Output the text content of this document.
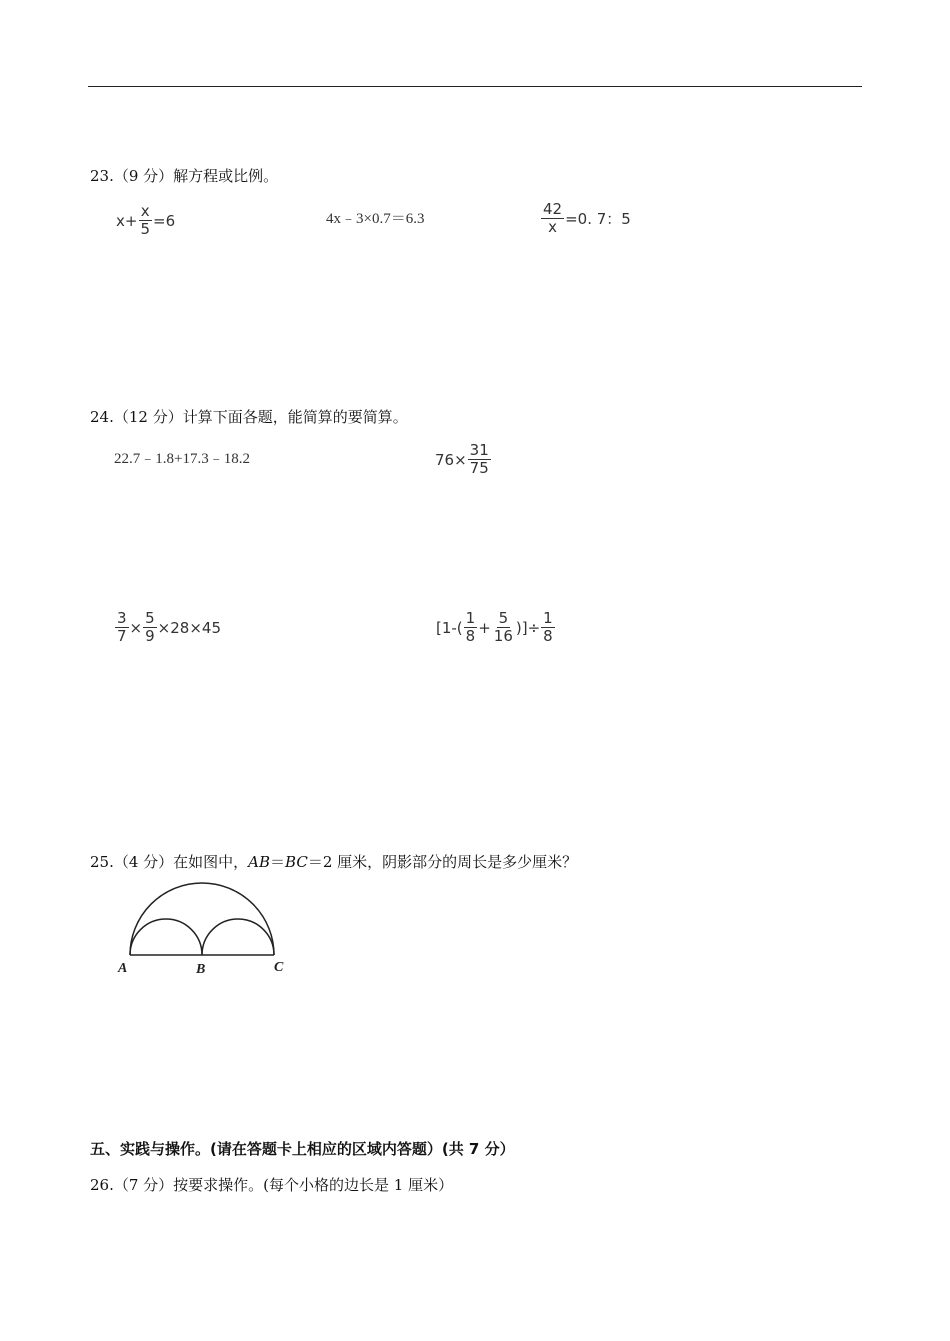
23.（9 分）解方程或比例。
$x+ \frac{x}{5} =6$	4x﹣3×0.7＝6.3	$\frac{42}{x} =0$. 7：5
24.（12 分）计算下面各题，能简算的要简算。
22.7﹣1.8+17.3﹣18.2	$76\times \frac{31}{75}$
$\frac{3}{7} \times \frac{5}{9} \times 28\times 45$	[$1-( \frac{1}{8} + \frac{5}{16}$ )]÷ $\frac{1}{8}$
25.（4 分）在如图中，AB＝BC＝2 厘米，阴影部分的周长是多少厘米？
A	B	C
五、实践与操作。(请在答题卡上相应的区域内答题）(共 7 分）
26.（7 分）按要求操作。(每个小格的边长是 1 厘米）
